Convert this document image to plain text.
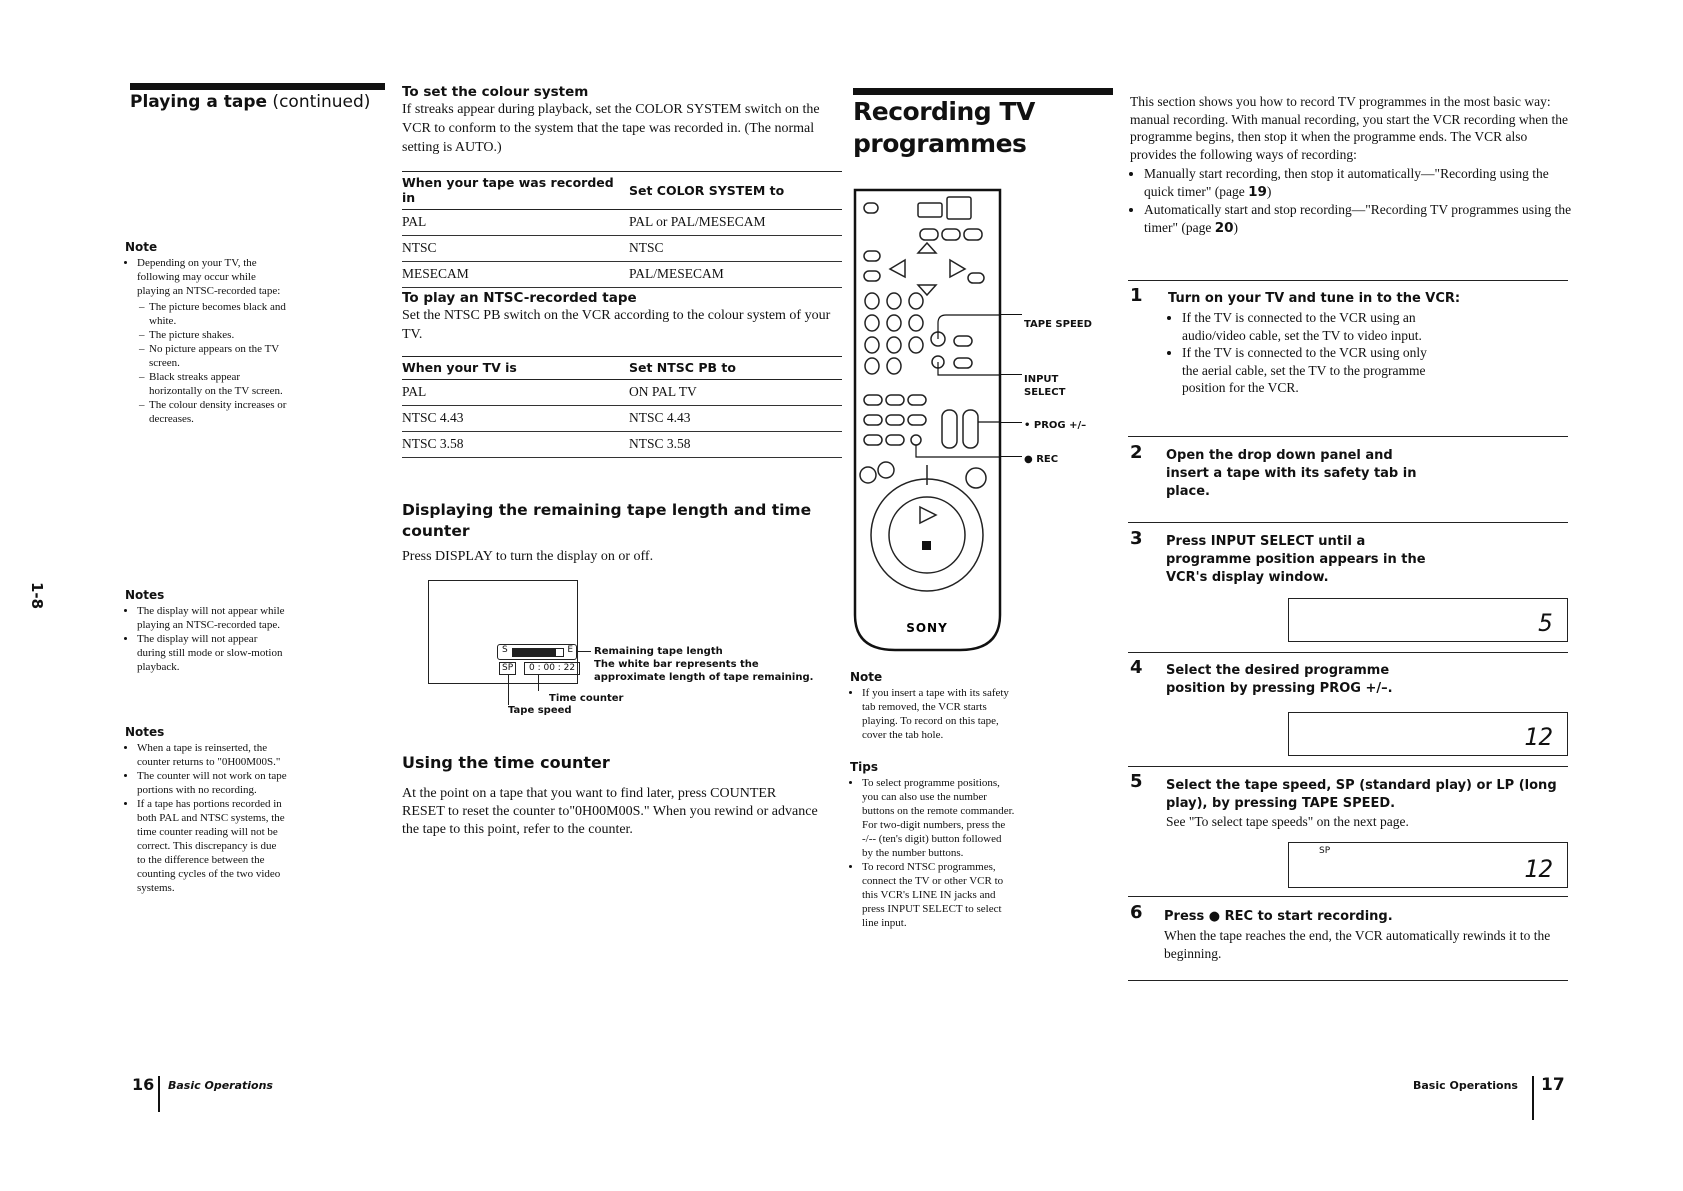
Playing a tape (continued)
1-8
Note
• Depending on your TV, the following may occur while playing an NTSC-recorded tape:
– The picture becomes black and white.
– The picture shakes.
– No picture appears on the TV screen.
– Black streaks appear horizontally on the TV screen.
– The colour density increases or decreases.
Notes
• The display will not appear while playing an NTSC-recorded tape.
• The display will not appear during still mode or slow-motion playback.
Notes
• When a tape is reinserted, the counter returns to "0H00M00S."
• The counter will not work on tape portions with no recording.
• If a tape has portions recorded in both PAL and NTSC systems, the time counter reading will not be correct. This discrepancy is due to the difference between the counting cycles of the two video systems.
To set the colour system
If streaks appear during playback, set the COLOR SYSTEM switch on the VCR to conform to the system that the tape was recorded in. (The normal setting is AUTO.)
When your tape was recorded in	Set COLOR SYSTEM to
PAL	PAL or PAL/MESECAM
NTSC	NTSC
MESECAM	PAL/MESECAM
To play an NTSC-recorded tape
Set the NTSC PB switch on the VCR according to the colour system of your TV.
When your TV is	Set NTSC PB to
PAL	ON PAL TV
NTSC 4.43	NTSC 4.43
NTSC 3.58	NTSC 3.58
Displaying the remaining tape length and time counter
Press DISPLAY to turn the display on or off.
S	E
SP	0 : 00 : 22
Remaining tape length
The white bar represents the approximate length of tape remaining.
Time counter
Tape speed
Using the time counter
At the point on a tape that you want to find later, press COUNTER RESET to reset the counter to"0H00M00S." When you rewind or advance the tape to this point, refer to the counter.
16 Basic Operations
Recording TV
programmes
SONY
TAPE SPEED
INPUT
SELECT
• PROG +/–
● REC
Note
• If you insert a tape with its safety tab removed, the VCR starts playing. To record on this tape, cover the tab hole.
Tips
• To select programme positions, you can also use the number buttons on the remote commander. For two-digit numbers, press the -/-- (ten's digit) button followed by the number buttons.
• To record NTSC programmes, connect the TV or other VCR to this VCR's LINE IN jacks and press INPUT SELECT to select line input.
This section shows you how to record TV programmes in the most basic way: manual recording. With manual recording, you start the VCR recording when the programme begins, then stop it when the programme ends. The VCR also provides the following ways of recording:
• Manually start recording, then stop it automatically—"Recording using the quick timer" (page 19)
• Automatically start and stop recording—"Recording TV programmes using the timer" (page 20)
1 Turn on your TV and tune in to the VCR:
• If the TV is connected to the VCR using an audio/video cable, set the TV to video input.
• If the TV is connected to the VCR using only the aerial cable, set the TV to the programme position for the VCR.
2 Open the drop down panel and insert a tape with its safety tab in place.
3 Press INPUT SELECT until a programme position appears in the VCR's display window.
5
4 Select the desired programme position by pressing PROG +/–.
12
5 Select the tape speed, SP (standard play) or LP (long play), by pressing TAPE SPEED.
See "To select tape speeds" on the next page.
SP
12
6 Press ● REC to start recording.
When the tape reaches the end, the VCR automatically rewinds it to the beginning.
Basic Operations 17
